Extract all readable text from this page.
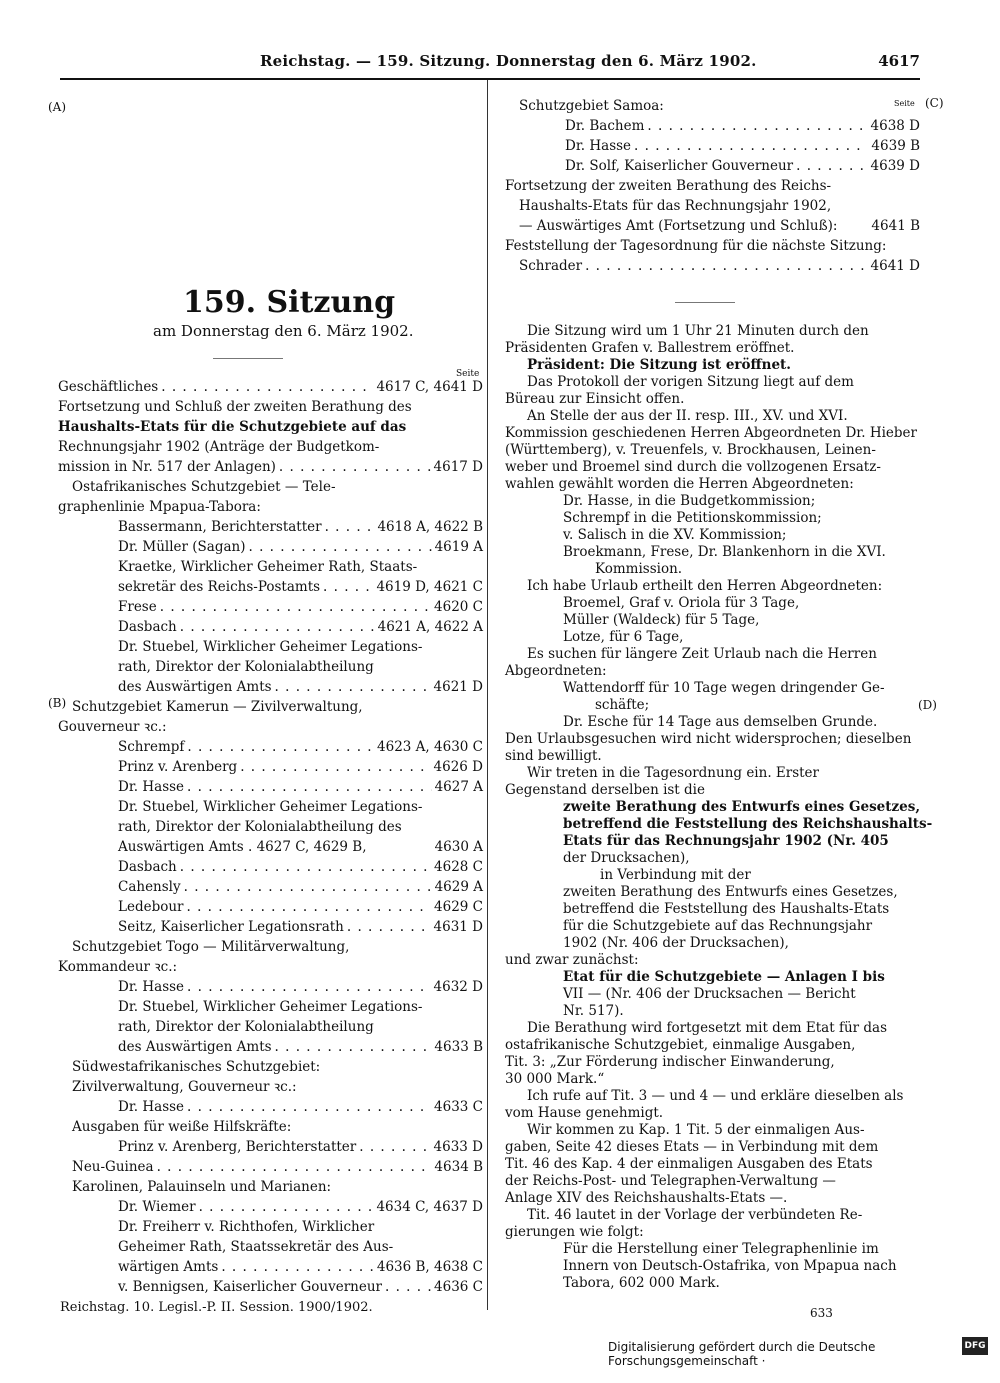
Reichstag. — 159. Sitzung. Donnerstag den 6. März 1902.	4617
(A)
(B)
Seite (C)
(D)
159. Sitzung
am Donnerstag den 6. März 1902.
Seite
Geschäftliches . . .	4617 C, 4641 D
Fortsetzung und Schluß der zweiten Berathung des
Haushalts-Etats für die Schutzgebiete auf das
Rechnungsjahr 1902 (Anträge der Budgetkom-
mission in Nr. 517 der Anlagen) . . .	4617 D
Ostafrikanisches Schutzgebiet — Tele-
graphenlinie Mpapua-Tabora:
Bassermann, Berichterstatter . . .	4618 A, 4622 B
Dr. Müller (Sagan) . . .	4619 A
Kraetke, Wirklicher Geheimer Rath, Staats-
sekretär des Reichs-Postamts . . .	4619 D, 4621 C
Frese . . .	4620 C
Dasbach . . .	4621 A, 4622 A
Dr. Stuebel, Wirklicher Geheimer Legations-
rath, Direktor der Kolonialabtheilung
des Auswärtigen Amts . . .	4621 D
Schutzgebiet Kamerun — Zivilverwaltung,
Gouverneur ꝛc.:
Schrempf . . .	4623 A, 4630 C
Prinz v. Arenberg . . .	4626 D
Dr. Hasse . . .	4627 A
Dr. Stuebel, Wirklicher Geheimer Legations-
rath, Direktor der Kolonialabtheilung des
Auswärtigen Amts . 4627 C, 4629 B,	4630 A
Dasbach . . .	4628 C
Cahensly . . .	4629 A
Ledebour . . .	4629 C
Seitz, Kaiserlicher Legationsrath . . .	4631 D
Schutzgebiet Togo — Militärverwaltung,
Kommandeur ꝛc.:
Dr. Hasse . . .	4632 D
Dr. Stuebel, Wirklicher Geheimer Legations-
rath, Direktor der Kolonialabtheilung
des Auswärtigen Amts . . .	4633 B
Südwestafrikanisches Schutzgebiet:
Zivilverwaltung, Gouverneur ꝛc.:
Dr. Hasse . . .	4633 C
Ausgaben für weiße Hilfskräfte:
Prinz v. Arenberg, Berichterstatter . . .	4633 D
Neu-Guinea . . .	4634 B
Karolinen, Palauinseln und Marianen:
Dr. Wiemer . . .	4634 C, 4637 D
Dr. Freiherr v. Richthofen, Wirklicher
Geheimer Rath, Staatssekretär des Aus-
wärtigen Amts . . .	4636 B, 4638 C
v. Bennigsen, Kaiserlicher Gouverneur . . .	4636 C
Schutzgebiet Samoa:
Dr. Bachem . . .	4638 D
Dr. Hasse . . .	4639 B
Dr. Solf, Kaiserlicher Gouverneur . . .	4639 D
Fortsetzung der zweiten Berathung des Reichs-
Haushalts-Etats für das Rechnungsjahr 1902,
— Auswärtiges Amt (Fortsetzung und Schluß):	4641 B
Feststellung der Tagesordnung für die nächste Sitzung:
Schrader . . .	4641 D
Die Sitzung wird um 1 Uhr 21 Minuten durch den
Präsidenten Grafen v. Ballestrem eröffnet.
Präsident: Die Sitzung ist eröffnet.
Das Protokoll der vorigen Sitzung liegt auf dem
Büreau zur Einsicht offen.
An Stelle der aus der II. resp. III., XV. und XVI.
Kommission geschiedenen Herren Abgeordneten Dr. Hieber
(Württemberg), v. Treuenfels, v. Brockhausen, Leinen-
weber und Broemel sind durch die vollzogenen Ersatz-
wahlen gewählt worden die Herren Abgeordneten:
Dr. Hasse, in die Budgetkommission;
Schrempf in die Petitionskommission;
v. Salisch in die XV. Kommission;
Broekmann, Frese, Dr. Blankenhorn in die XVI.
Kommission.
Ich habe Urlaub ertheilt den Herren Abgeordneten:
Broemel, Graf v. Oriola für 3 Tage,
Müller (Waldeck) für 5 Tage,
Lotze, für 6 Tage,
Es suchen für längere Zeit Urlaub nach die Herren
Abgeordneten:
Wattendorff für 10 Tage wegen dringender Ge-
schäfte;
Dr. Esche für 14 Tage aus demselben Grunde.
Den Urlaubsgesuchen wird nicht widersprochen; dieselben
sind bewilligt.
Wir treten in die Tagesordnung ein. Erster
Gegenstand derselben ist die
zweite Berathung des Entwurfs eines Gesetzes,
betreffend die Feststellung des Reichshaushalts-
Etats für das Rechnungsjahr 1902 (Nr. 405
der Drucksachen),
in Verbindung mit der
zweiten Berathung des Entwurfs eines Gesetzes,
betreffend die Feststellung des Haushalts-Etats
für die Schutzgebiete auf das Rechnungsjahr
1902 (Nr. 406 der Drucksachen),
und zwar zunächst:
Etat für die Schutzgebiete — Anlagen I bis
VII — (Nr. 406 der Drucksachen — Bericht
Nr. 517).
Die Berathung wird fortgesetzt mit dem Etat für das
ostafrikanische Schutzgebiet, einmalige Ausgaben,
Tit. 3: „Zur Förderung indischer Einwanderung,
30 000 Mark.“
Ich rufe auf Tit. 3 — und 4 — und erkläre dieselben als
vom Hause genehmigt.
Wir kommen zu Kap. 1 Tit. 5 der einmaligen Aus-
gaben, Seite 42 dieses Etats — in Verbindung mit dem
Tit. 46 des Kap. 4 der einmaligen Ausgaben des Etats
der Reichs-Post- und Telegraphen-Verwaltung —
Anlage XIV des Reichshaushalts-Etats —.
Tit. 46 lautet in der Vorlage der verbündeten Re-
gierungen wie folgt:
Für die Herstellung einer Telegraphenlinie im
Innern von Deutsch-Ostafrika, von Mpapua nach
Tabora, 602 000 Mark.
Reichstag. 10. Legisl.-P. II. Session. 1900/1902.	633
Digitalisierung gefördert durch die Deutsche Forschungsgemeinschaft ·
DFG
